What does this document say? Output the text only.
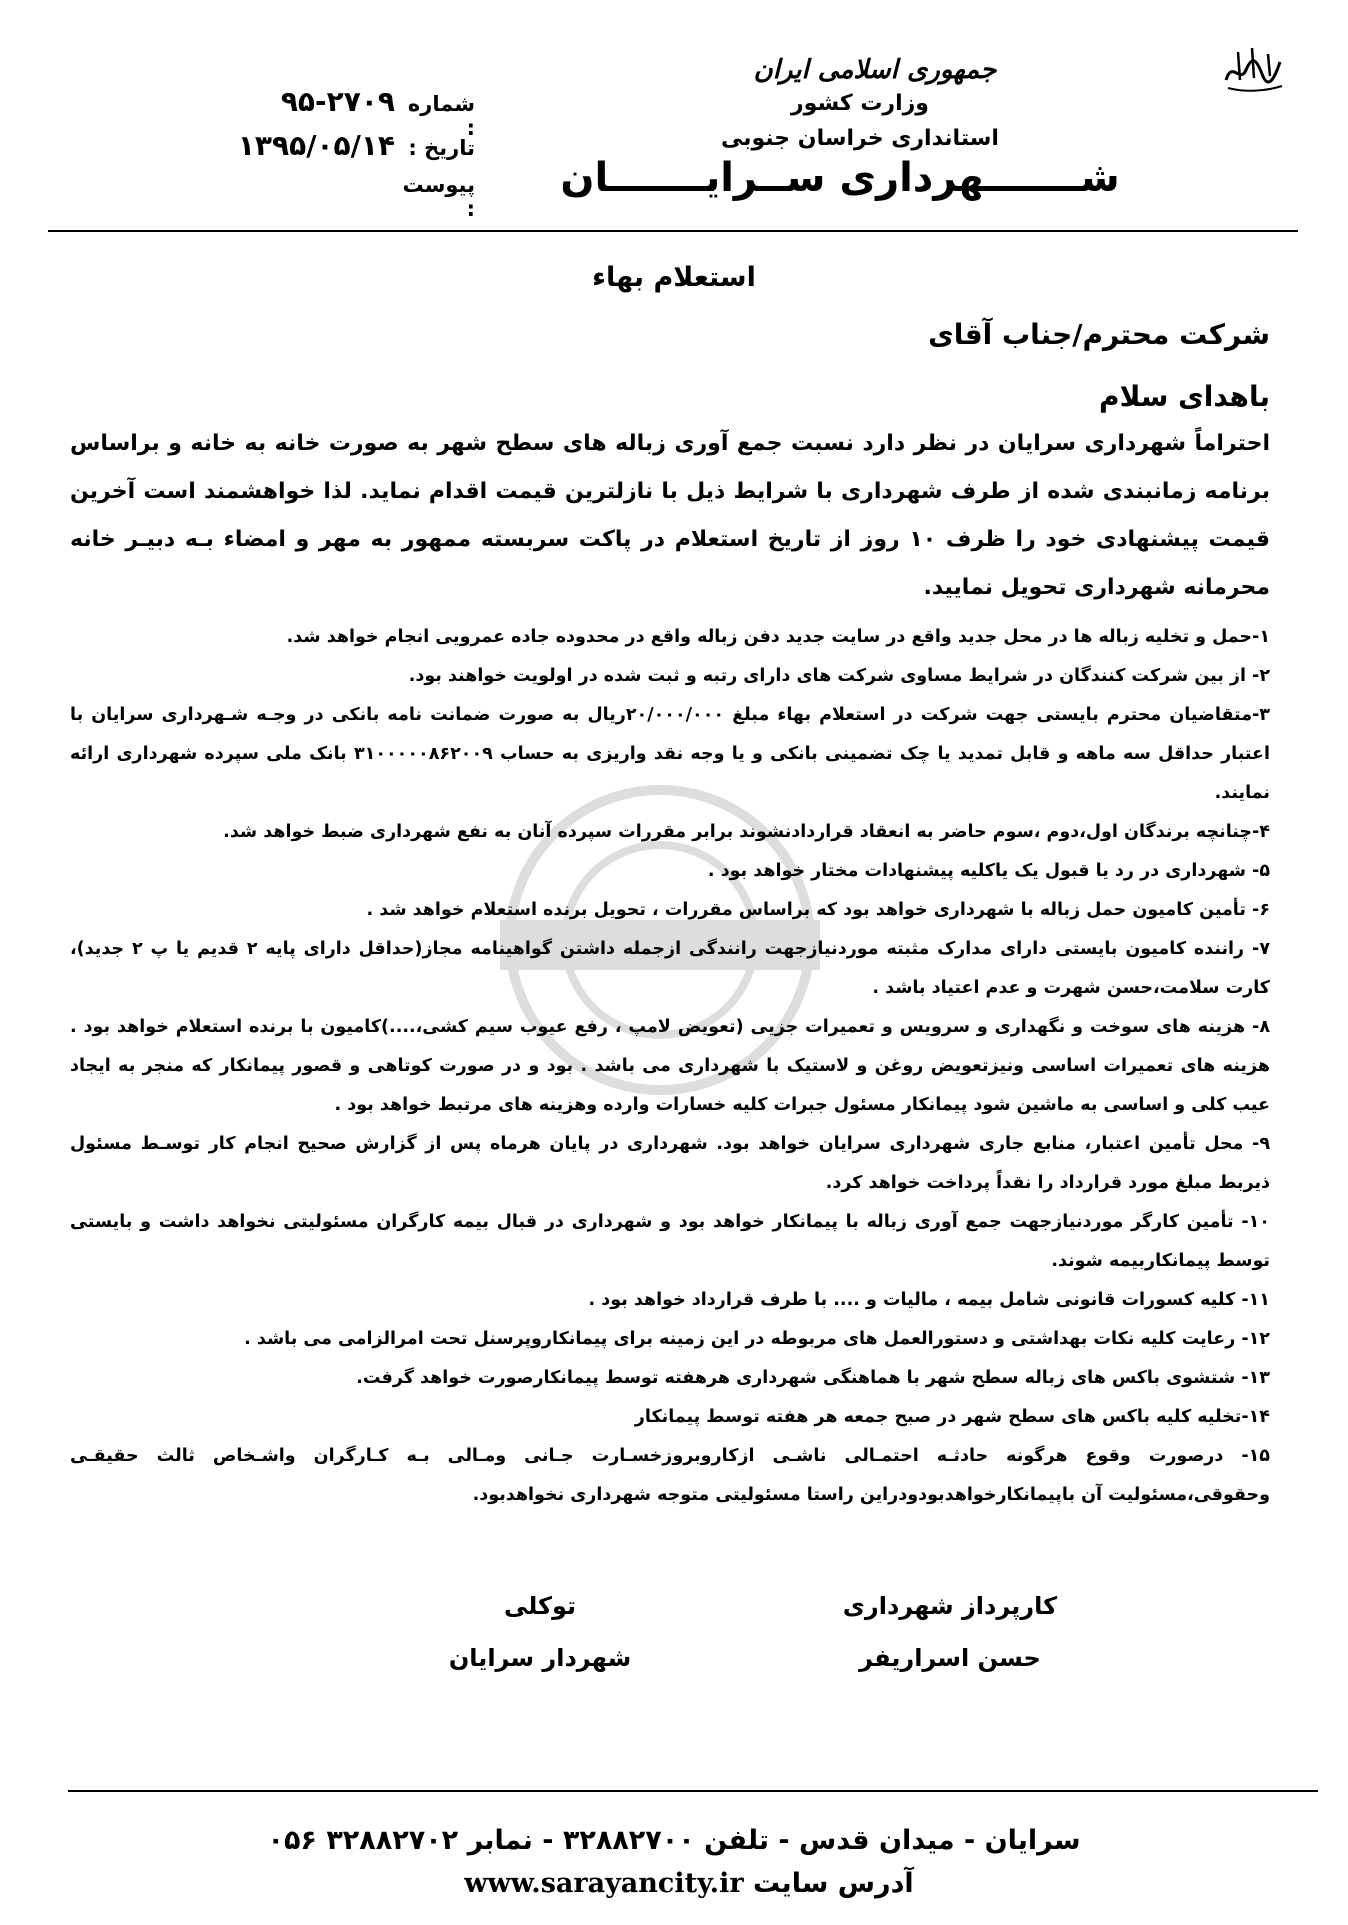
جمهوری اسلامی ایران
وزارت کشور
استانداری خراسان جنوبی
شـــــــهرداری ســرایـــــــان
شماره :
۹۵-۲۷۰۹
تاریخ :
۱۳۹۵/۰۵/۱۴
پیوست :
استعلام بهاء
شرکت محترم/جناب آقای
باهدای سلام
احتراماً شهرداری سرایان در نظر دارد نسبت جمع آوری زباله های سطح شهر به صورت خانه به خانه و براساس برنامه زمانبندی شده از طرف شهرداری با شرایط ذیل با نازلترین قیمت اقدام نماید. لذا خواهشمند است آخرین قیمت پیشنهادی خود را ظرف ۱۰ روز از تاریخ استعلام در پاکت سربسته ممهور به مهر و امضاء بـه دبیـر خانه محرمانه شهرداری تحویل نمایید.
۱-حمل و تخلیه زباله ها در محل جدید واقع در سایت جدید دفن زباله واقع در محدوده جاده عمرویی انجام خواهد شد.
۲- از بین شرکت کنندگان در شرایط مساوی شرکت های دارای رتبه و ثبت شده در اولویت خواهند بود.
۳-متقاضیان محترم بایستی جهت شرکت در استعلام بهاء مبلغ ۲۰/۰۰۰/۰۰۰ریال به صورت ضمانت نامه بانکی در وجـه شـهرداری سرایان با اعتبار حداقل سه ماهه و قابل تمدید یا چک تضمینی بانکی و یا وجه نقد واریزی به حساب ۳۱۰۰۰۰۰۸۶۲۰۰۹ بانک ملی سپرده شهرداری ارائه نمایند.
۴-چنانچه برندگان اول،دوم ،سوم حاضر به انعقاد قراردادنشوند برابر مقررات سپرده آنان به نفع شهرداری ضبط خواهد شد.
۵- شهرداری در رد یا قبول یک یاکلیه پیشنهادات مختار خواهد بود .
۶- تأمین کامیون حمل زباله با شهرداری خواهد بود که براساس مقررات ، تحویل برنده استعلام خواهد شد .
۷- راننده کامیون بایستی دارای مدارک مثبته موردنیازجهت رانندگی ازجمله داشتن گواهینامه مجاز(حداقل دارای پایه ۲ قدیم یا پ ۲ جدید)، کارت سلامت،حسن شهرت و عدم اعتیاد باشد .
۸- هزینه های سوخت و نگهداری و سرویس و تعمیرات جزیی (تعویض لامپ ، رفع عیوب سیم کشی،....)کامیون با برنده استعلام خواهد بود . هزینه های تعمیرات اساسی ونیزتعویض روغن و لاستیک با شهرداری می باشد . بود و در صورت کوتاهی و قصور پیمانکار که منجر به ایجاد عیب کلی و اساسی به ماشین شود پیمانکار مسئول جبرات کلیه خسارات وارده وهزینه های مرتبط خواهد بود .
۹- محل تأمین اعتبار، منابع جاری شهرداری سرایان خواهد بود. شهرداری در پایان هرماه پس از گزارش صحیح انجام کار توسـط مسئول ذیربط مبلغ مورد قرارداد را نقداً پرداخت خواهد کرد.
۱۰- تأمین کارگر موردنیازجهت جمع آوری زباله با پیمانکار خواهد بود و شهرداری در قبال بیمه کارگران مسئولیتی نخواهد داشت و بایستی توسط پیمانکاربیمه شوند.
۱۱- کلیه کسورات قانونی شامل بیمه ، مالیات و .... با طرف قرارداد خواهد بود .
۱۲- رعایت کلیه نکات بهداشتی و دستورالعمل های مربوطه در این زمینه برای پیمانکاروپرسنل تحت امرالزامی می باشد .
۱۳- شتشوی باکس های زباله سطح شهر با هماهنگی شهرداری هرهفته توسط پیمانکارصورت خواهد گرفت.
۱۴-تخلیه کلیه باکس های سطح شهر در صبح جمعه هر هفته توسط پیمانکار
۱۵- درصورت وقوع هرگونه حادثـه احتمـالی ناشـی ازکاروبروزخسـارت جـانی ومـالی بـه کـارگران واشـخاص ثالث حقیقـی وحقوقی،مسئولیت آن باپیمانکارخواهدبودودراین راستا مسئولیتی متوجه شهرداری نخواهدبود.
کارپرداز شهرداری
حسن اسراریفر
توکلی
شهردار سرایان
سرایان - میدان قدس - تلفن ۳۲۸۸۲۷۰۰ - نمابر ۳۲۸۸۲۷۰۲ ۰۵۶
آدرس سایت www.sarayancity.ir
